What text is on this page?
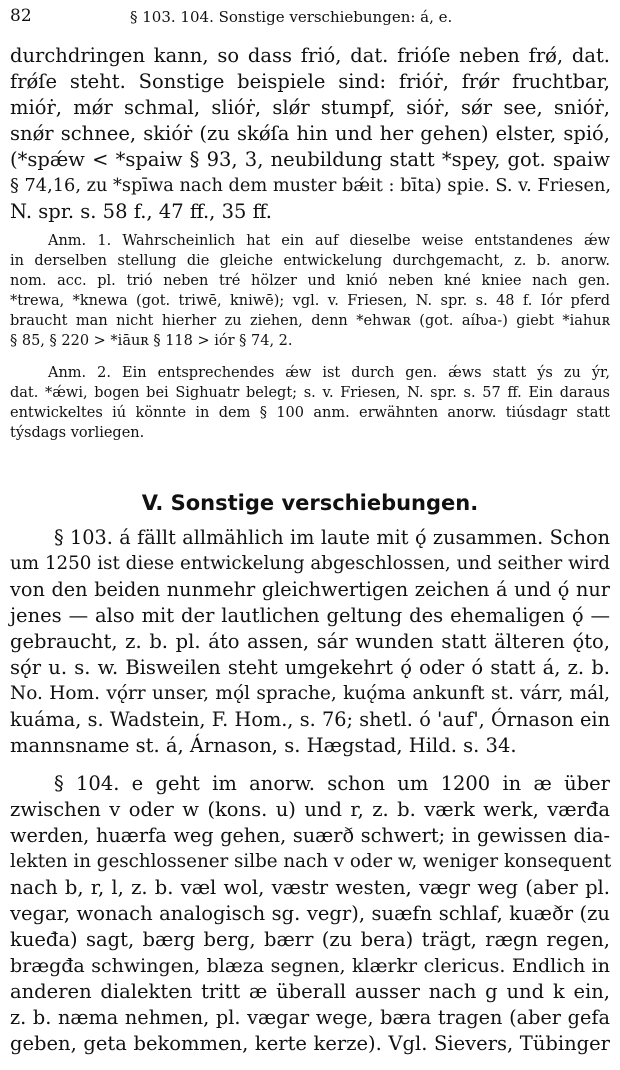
82	§ 103. 104. Sonstige verschiebungen: á, e.
durchdringen kann, so dass frió, dat. frióſe neben frǿ, dat.
frǿſe steht. Sonstige beispiele sind: frióṙ, frǿr fruchtbar,
mióṙ, mǿr schmal, slióṙ, slǿr stumpf, sióṙ, sǿr see, snióṙ,
snǿr schnee, skióṙ (zu skǿſa hin und her gehen) elster, spió,
(*spǽw < *spaiw § 93, 3, neubildung statt *spey, got. spaiw
§ 74,16, zu *spīwa nach dem muster bǽit : bīta) spie. S. v. Friesen,
N. spr. s. 58 f., 47 ff., 35 ff.
Anm. 1. Wahrscheinlich hat ein auf dieselbe weise entstandenes ǽw
in derselben stellung die gleiche entwickelung durchgemacht, z. b. anorw.
nom. acc. pl. trió neben tré hölzer und knió neben kné kniee nach gen.
*trewa, *knewa (got. triwē, kniwē); vgl. v. Friesen, N. spr. s. 48 f. Iór pferd
braucht man nicht hierher zu ziehen, denn *ehwaʀ (got. aíƕa-) giebt *iahuʀ
§ 85, § 220 > *iāuʀ § 118 > iór § 74, 2.
Anm. 2. Ein entsprechendes ǽw ist durch gen. ǽws statt ýs zu ýr,
dat. *ǽwi, bogen bei Sighuatr belegt; s. v. Friesen, N. spr. s. 57 ff. Ein daraus
entwickeltes iú könnte in dem § 100 anm. erwähnten anorw. tiúsdagr statt
týsdags vorliegen.
V. Sonstige verschiebungen.
§ 103. á fällt allmählich im laute mit ǫ́ zusammen. Schon
um 1250 ist diese entwickelung abgeschlossen, und seither wird
von den beiden nunmehr gleichwertigen zeichen á und ǫ́ nur
jenes — also mit der lautlichen geltung des ehemaligen ǫ́ —
gebraucht, z. b. pl. áto assen, sár wunden statt älteren ǫ́to,
sǫ́r u. s. w. Bisweilen steht umgekehrt ǫ́ oder ó statt á, z. b.
No. Hom. vǫ́rr unser, mǫ́l sprache, kuǫ́ma ankunft st. várr, mál,
kuáma, s. Wadstein, F. Hom., s. 76; shetl. ó 'auf', Órnason ein
mannsname st. á, Árnason, s. Hægstad, Hild. s. 34.
§ 104. e geht im anorw. schon um 1200 in æ über
zwischen v oder w (kons. u) und r, z. b. værk werk, værđa
werden, huærfa weg gehen, suærð schwert; in gewissen dia-
lekten in geschlossener silbe nach v oder w, weniger konsequent
nach b, r, l, z. b. væl wol, væstr westen, vægr weg (aber pl.
vegar, wonach analogisch sg. vegr), suæfn schlaf, kuæðr (zu
kueđa) sagt, bærg berg, bærr (zu bera) trägt, rægn regen,
brægđa schwingen, blæza segnen, klærkr clericus. Endlich in
anderen dialekten tritt æ überall ausser nach g und k ein,
z. b. næma nehmen, pl. vægar wege, bæra tragen (aber gefa
geben, geta bekommen, kerte kerze). Vgl. Sievers, Tübinger
